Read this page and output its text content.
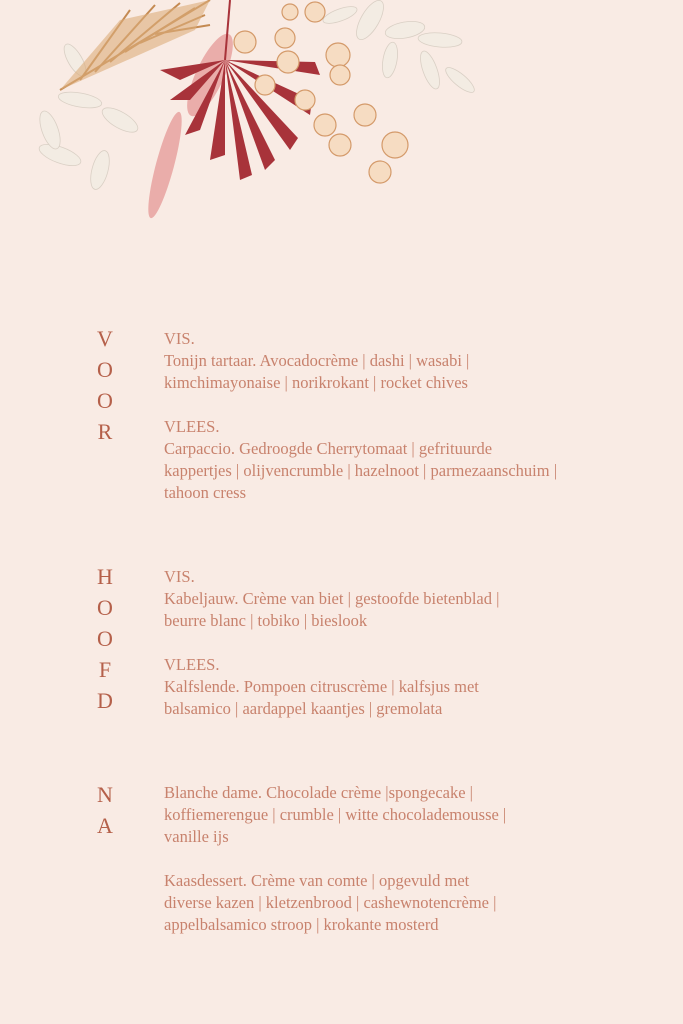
V
O
O
R

VIS.

Tonijn tartaar. Avocadocrème | dashi | wasabi |

kimchimayonaise | norikrokant | rocket chives

VLEES.

Carpaccio. Gedroogde Cherrytomaat | gefrituurde

kappertjes | olijvencrumble | hazelnoot | parmezaanschuim |

tahoon cress

H
O
O
F
D

VIS.

Kabeljauw. Crème van biet | gestoofde bietenblad |

beurre blanc | tobiko | bieslook

VLEES.

Kalfslende. Pompoen citruscrème | kalfsjus met

balsamico | aardappel kaantjes | gremolata

N
A

Blanche dame. Chocolade crème |spongecake |

koffiemerengue | crumble | witte chocolademousse |

vanille ijs

Kaasdessert. Crème van comte | opgevuld met

diverse kazen | kletzenbrood | cashewnotencrème |

appelbalsamico stroop | krokante mosterd
